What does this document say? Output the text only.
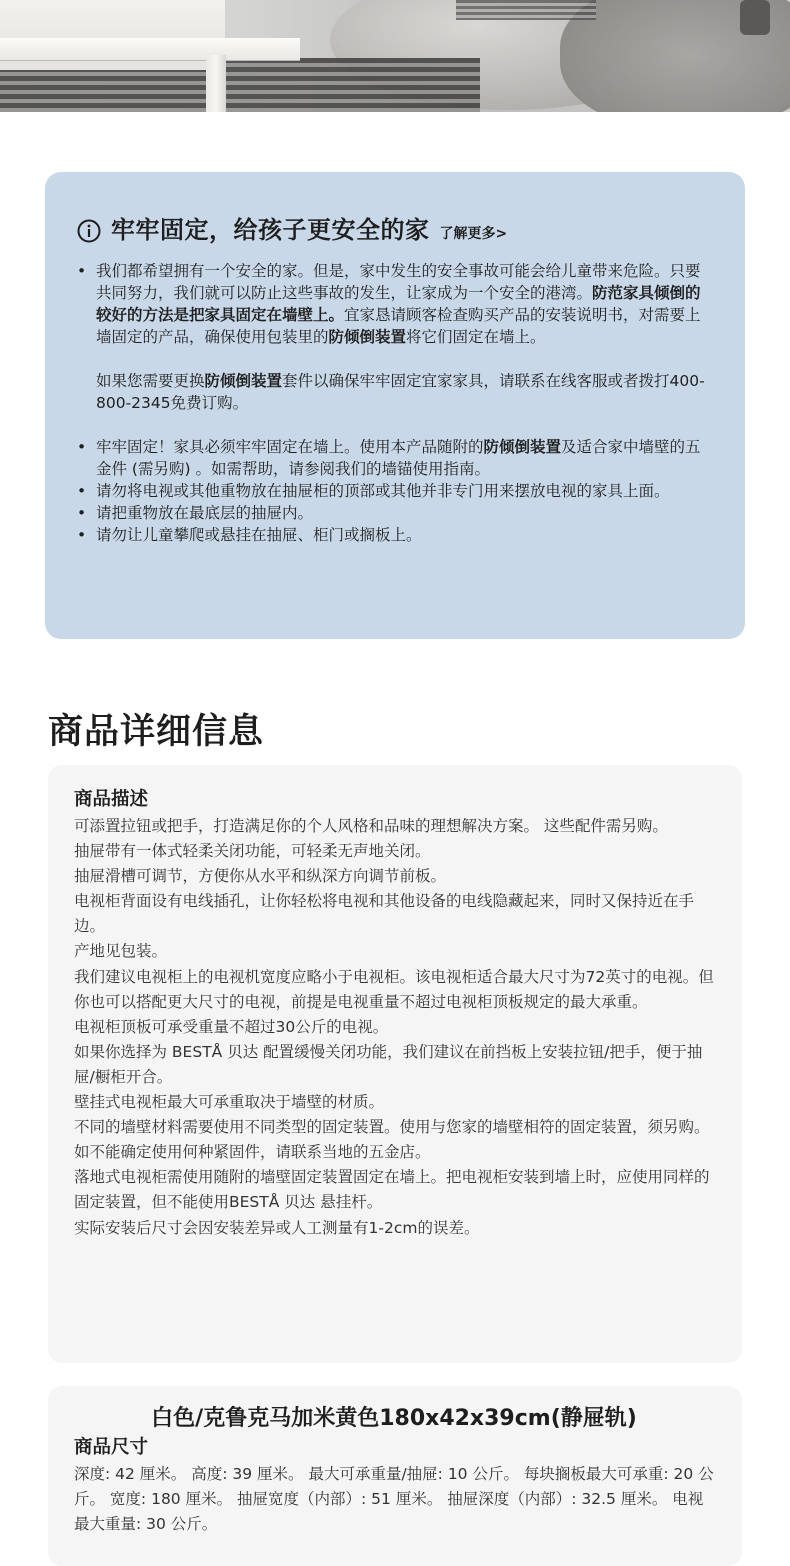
牢牢固定，给孩子更安全的家 了解更多>
• 我们都希望拥有一个安全的家。但是，家中发生的安全事故可能会给儿童带来危险。只要共同努力，我们就可以防止这些事故的发生，让家成为一个安全的港湾。防范家具倾倒的较好的方法是把家具固定在墙壁上。宜家恳请顾客检查购买产品的安装说明书，对需要上墙固定的产品，确保使用包装里的防倾倒装置将它们固定在墙上。

如果您需要更换防倾倒装置套件以确保牢牢固定宜家家具，请联系在线客服或者拨打400-800-2345免费订购。

• 牢牢固定！家具必须牢牢固定在墙上。使用本产品随附的防倾倒装置及适合家中墙壁的五金件 (需另购) 。如需帮助，请参阅我们的墙锚使用指南。

• 请勿将电视或其他重物放在抽屉柜的顶部或其他并非专门用来摆放电视的家具上面。

• 请把重物放在最底层的抽屉内。

• 请勿让儿童攀爬或悬挂在抽屉、柜门或搁板上。

商品详细信息
商品描述
可添置拉钮或把手，打造满足你的个人风格和品味的理想解决方案。 这些配件需另购。
抽屉带有一体式轻柔关闭功能，可轻柔无声地关闭。
抽屉滑槽可调节，方便你从水平和纵深方向调节前板。
电视柜背面设有电线插孔，让你轻松将电视和其他设备的电线隐藏起来，同时又保持近在手边。
产地见包装。
我们建议电视柜上的电视机宽度应略小于电视柜。该电视柜适合最大尺寸为72英寸的电视。但你也可以搭配更大尺寸的电视，前提是电视重量不超过电视柜顶板规定的最大承重。
电视柜顶板可承受重量不超过30公斤的电视。
如果你选择为 BESTÅ 贝达 配置缓慢关闭功能，我们建议在前挡板上安装拉钮/把手，便于抽屉/橱柜开合。
壁挂式电视柜最大可承重取决于墙壁的材质。
不同的墙壁材料需要使用不同类型的固定装置。使用与您家的墙壁相符的固定装置，须另购。
如不能确定使用何种紧固件，请联系当地的五金店。
落地式电视柜需使用随附的墙壁固定装置固定在墙上。把电视柜安装到墙上时，应使用同样的固定装置，但不能使用BESTÅ 贝达 悬挂杆。
实际安装后尺寸会因安装差异或人工测量有1-2cm的误差。
白色/克鲁克马加米黄色180x42x39cm(静屉轨)
商品尺寸
深度: 42 厘米。 高度: 39 厘米。 最大可承重量/抽屉: 10 公斤。 每块搁板最大可承重: 20 公斤。 宽度: 180 厘米。 抽屉宽度（内部）: 51 厘米。 抽屉深度（内部）: 32.5 厘米。 电视最大重量: 30 公斤。
